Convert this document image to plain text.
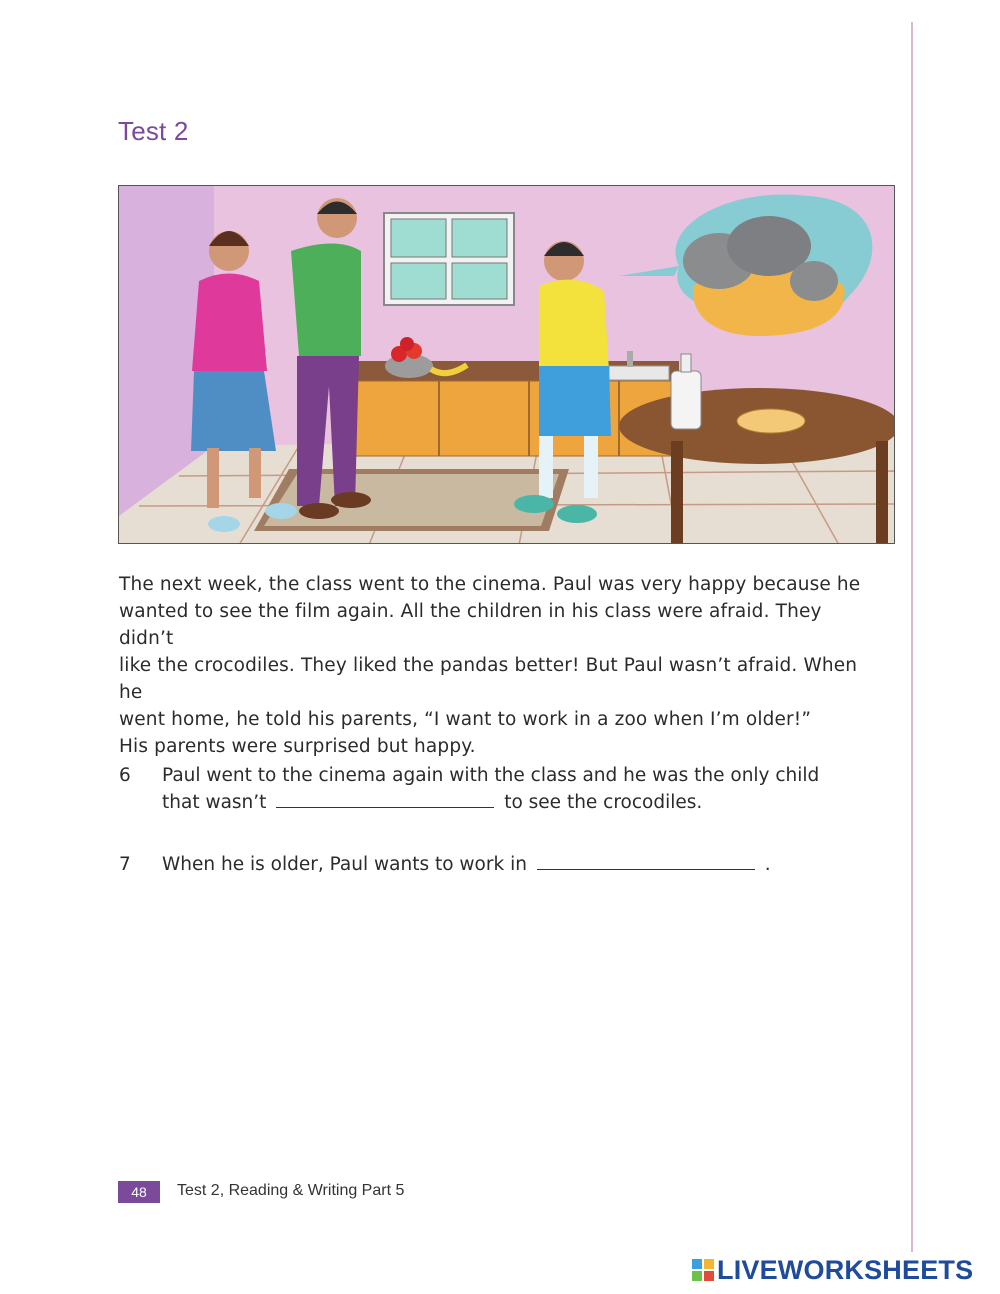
Test 2

The next week, the class went to the cinema. Paul was very happy because he

wanted to see the film again. All the children in his class were afraid. They didn’t

like the crocodiles. They liked the pandas better! But Paul wasn’t afraid. When he

went home, he told his parents, “I want to work in a zoo when I’m older!”

His parents were surprised but happy.

6 Paul went to the cinema again with the class and he was the only child
that wasn’t	to see the crocodiles.
7 When he is older, Paul wants to work in	.
48	Test 2, Reading & Writing Part 5
LIVEWORKSHEETS
